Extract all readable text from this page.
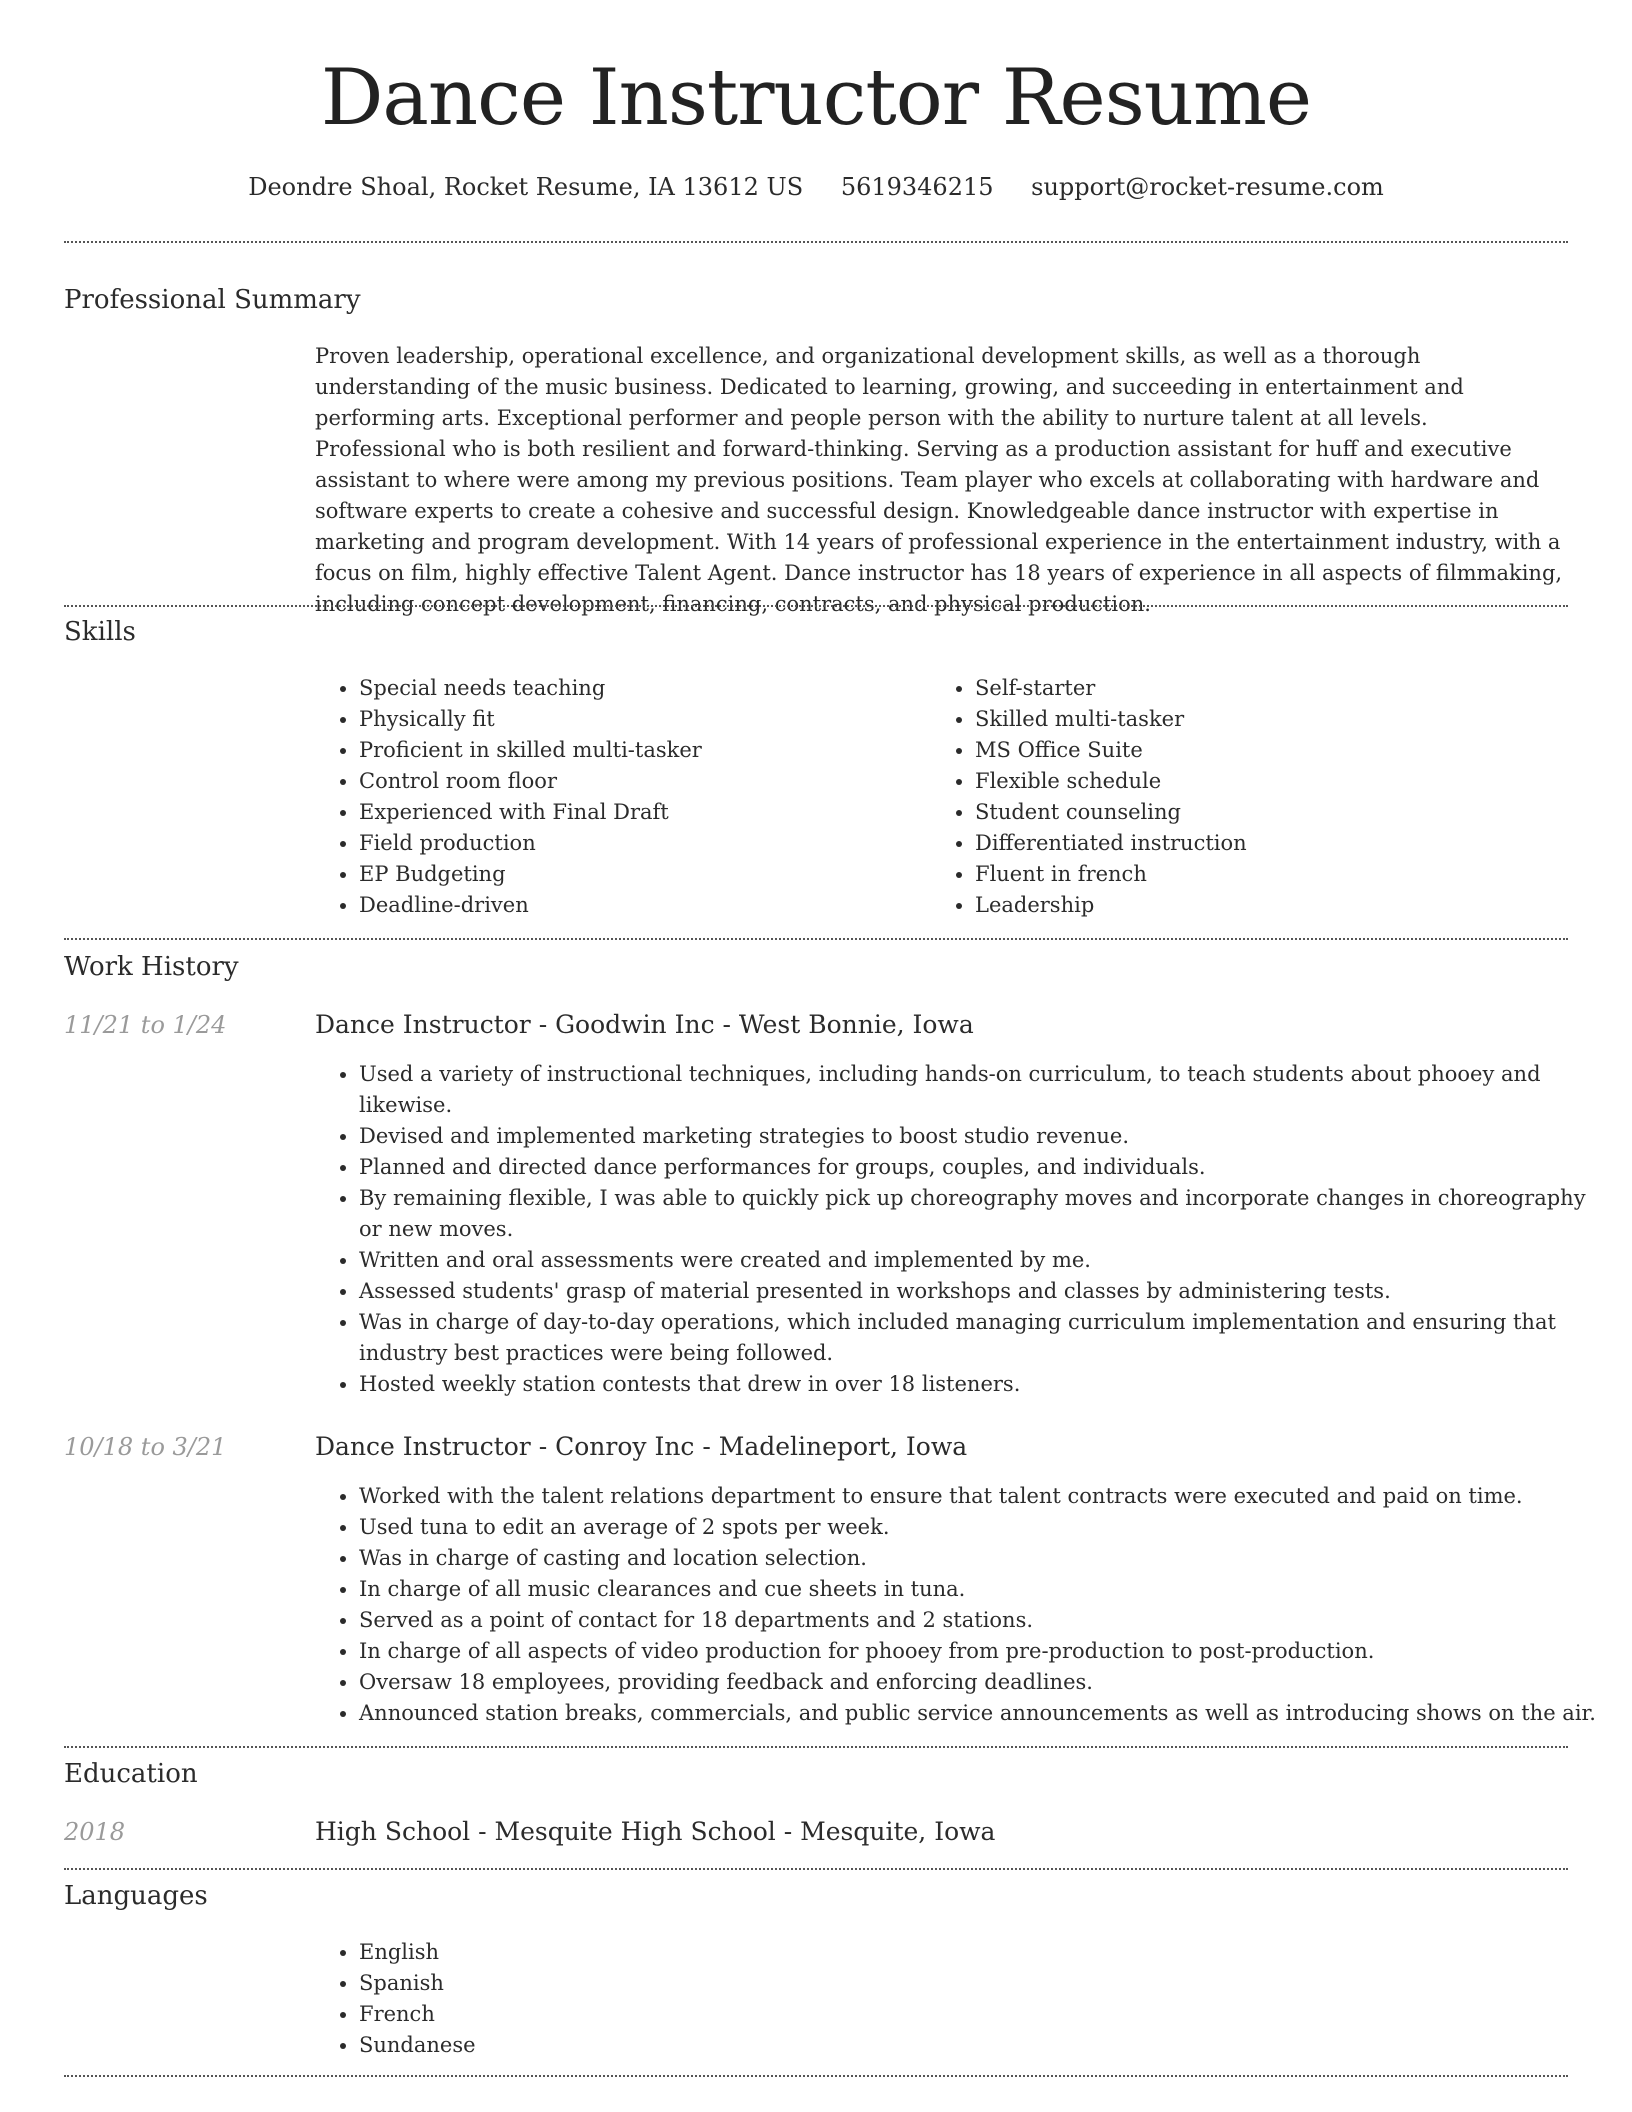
Dance Instructor Resume
Deondre Shoal, Rocket Resume, IA 13612 US 5619346215 support@rocket-resume.com
Professional Summary

Proven leadership, operational excellence, and organizational development skills, as well as a thorough understanding of the music business. Dedicated to learning, growing, and succeeding in entertainment and performing arts. Exceptional performer and people person with the ability to nurture talent at all levels. Professional who is both resilient and forward-thinking. Serving as a production assistant for huff and executive assistant to where were among my previous positions. Team player who excels at collaborating with hardware and software experts to create a cohesive and successful design. Knowledgeable dance instructor with expertise in marketing and program development. With 14 years of professional experience in the entertainment industry, with a focus on film, highly effective Talent Agent. Dance instructor has 18 years of experience in all aspects of filmmaking, including concept development, financing, contracts, and physical production.

Skills
• Special needs teaching
• Physically fit
• Proficient in skilled multi-tasker
• Control room floor
• Experienced with Final Draft
• Field production
• EP Budgeting
• Deadline-driven
• Self-starter
• Skilled multi-tasker
• MS Office Suite
• Flexible schedule
• Student counseling
• Differentiated instruction
• Fluent in french
• Leadership
Work History
11/21 to 1/24	Dance Instructor - Goodwin Inc - West Bonnie, Iowa
• Used a variety of instructional techniques, including hands-on curriculum, to teach students about phooey and likewise.
• Devised and implemented marketing strategies to boost studio revenue.
• Planned and directed dance performances for groups, couples, and individuals.
• By remaining flexible, I was able to quickly pick up choreography moves and incorporate changes in choreography or new moves.
• Written and oral assessments were created and implemented by me.
• Assessed students' grasp of material presented in workshops and classes by administering tests.
• Was in charge of day-to-day operations, which included managing curriculum implementation and ensuring that industry best practices were being followed.
• Hosted weekly station contests that drew in over 18 listeners.
10/18 to 3/21	Dance Instructor - Conroy Inc - Madelineport, Iowa
• Worked with the talent relations department to ensure that talent contracts were executed and paid on time.
• Used tuna to edit an average of 2 spots per week.
• Was in charge of casting and location selection.
• In charge of all music clearances and cue sheets in tuna.
• Served as a point of contact for 18 departments and 2 stations.
• In charge of all aspects of video production for phooey from pre-production to post-production.
• Oversaw 18 employees, providing feedback and enforcing deadlines.
• Announced station breaks, commercials, and public service announcements as well as introducing shows on the air.
Education
2018	High School - Mesquite High School - Mesquite, Iowa
Languages
• English
• Spanish
• French
• Sundanese
